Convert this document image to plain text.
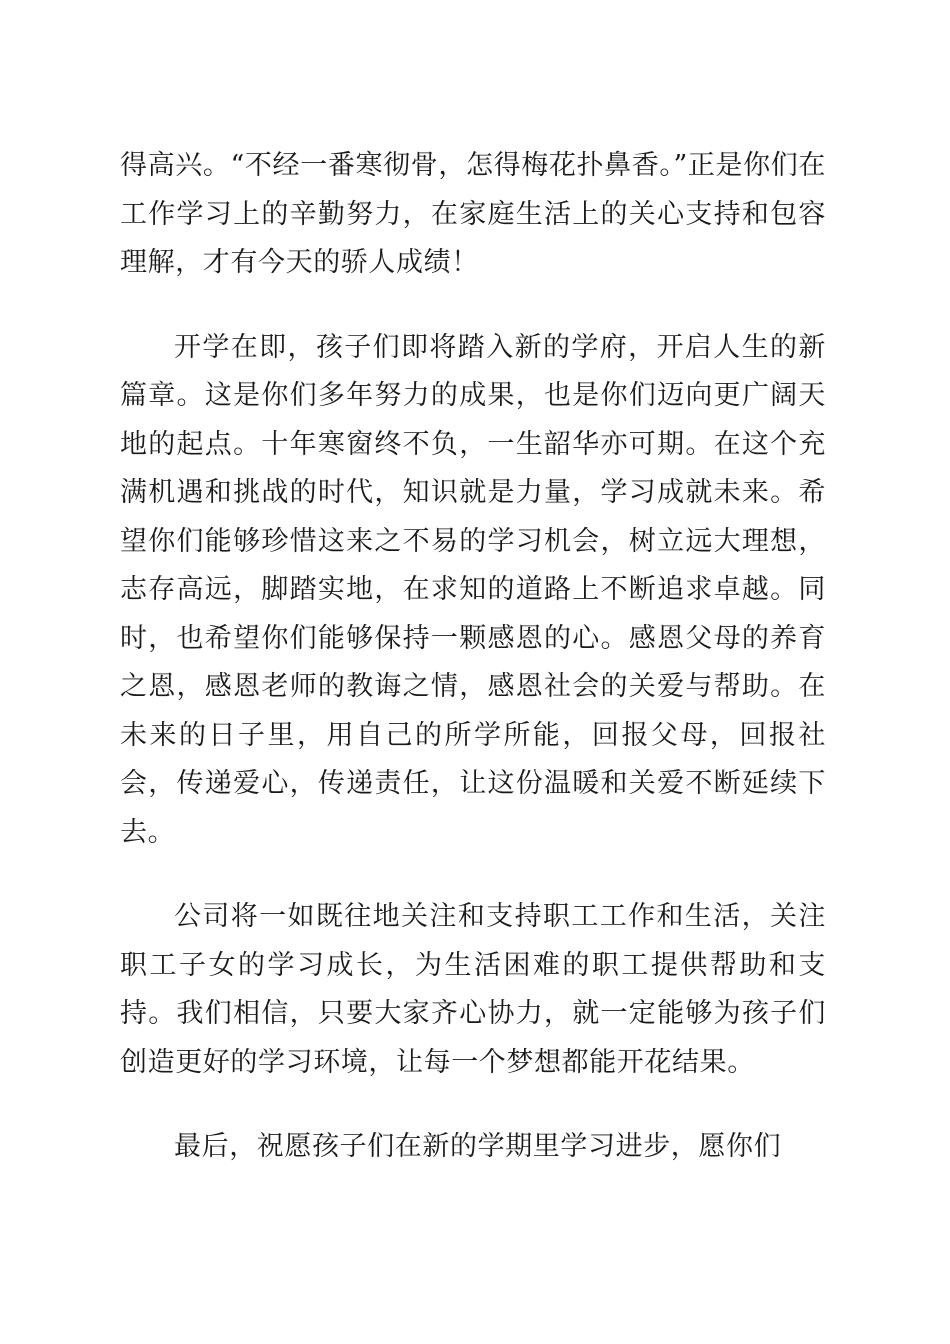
得高兴。“不经一番寒彻骨，怎得梅花扑鼻香。”正是你们在工作学习上的辛勤努力，在家庭生活上的关心支持和包容理解，才有今天的骄人成绩！

开学在即，孩子们即将踏入新的学府，开启人生的新篇章。这是你们多年努力的成果，也是你们迈向更广阔天地的起点。十年寒窗终不负，一生韶华亦可期。在这个充满机遇和挑战的时代，知识就是力量，学习成就未来。希望你们能够珍惜这来之不易的学习机会，树立远大理想，志存高远，脚踏实地，在求知的道路上不断追求卓越。同时，也希望你们能够保持一颗感恩的心。感恩父母的养育之恩，感恩老师的教诲之情，感恩社会的关爱与帮助。在未来的日子里，用自己的所学所能，回报父母，回报社会，传递爱心，传递责任，让这份温暖和关爱不断延续下去。

公司将一如既往地关注和支持职工工作和生活，关注职工子女的学习成长，为生活困难的职工提供帮助和支持。我们相信，只要大家齐心协力，就一定能够为孩子们创造更好的学习环境，让每一个梦想都能开花结果。

最后，祝愿孩子们在新的学期里学习进步，愿你们
